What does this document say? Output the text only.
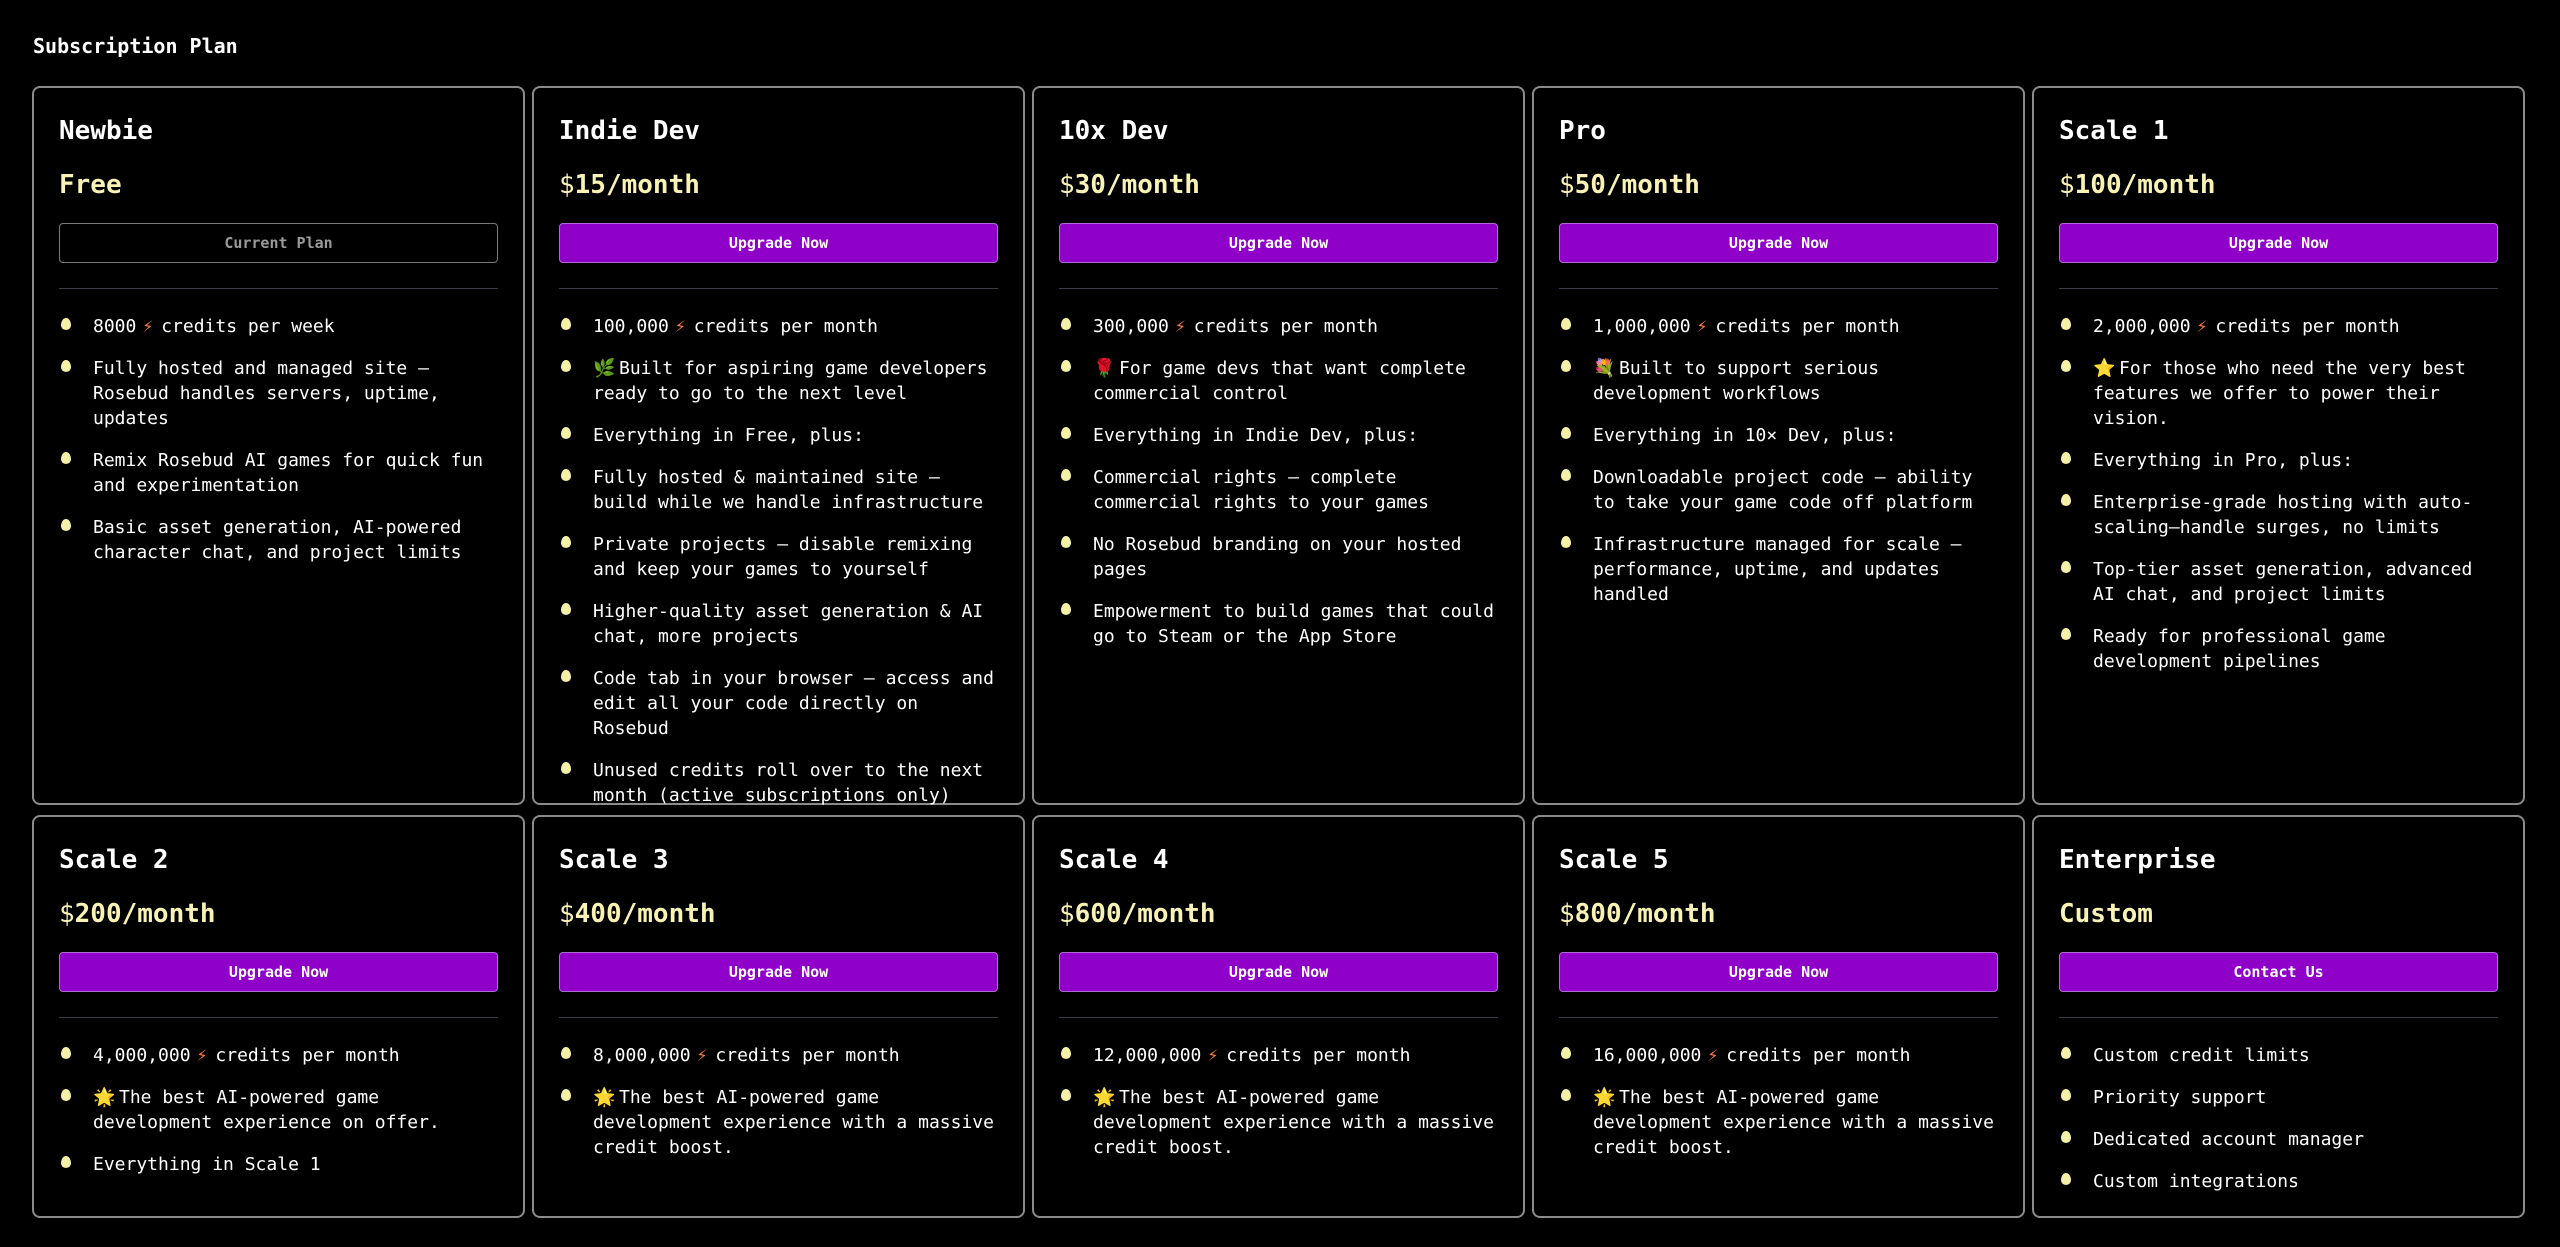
Subscription Plan
Newbie
Free
Current Plan
8000 ⚡ credits per week
Fully hosted and managed site — Rosebud handles servers, uptime, updates
Remix Rosebud AI games for quick fun and experimentation
Basic asset generation, AI-powered character chat, and project limits
Indie Dev
$15/month
Upgrade Now
100,000 ⚡ credits per month
🌿 Built for aspiring game developers ready to go to the next level
Everything in Free, plus:
Fully hosted & maintained site — build while we handle infrastructure
Private projects — disable remixing and keep your games to yourself
Higher-quality asset generation & AI chat, more projects
Code tab in your browser — access and edit all your code directly on Rosebud
Unused credits roll over to the next month (active subscriptions only)
10x Dev
$30/month
Upgrade Now
300,000 ⚡ credits per month
🌹 For game devs that want complete commercial control
Everything in Indie Dev, plus:
Commercial rights — complete commercial rights to your games
No Rosebud branding on your hosted pages
Empowerment to build games that could go to Steam or the App Store
Pro
$50/month
Upgrade Now
1,000,000 ⚡ credits per month
💐 Built to support serious development workflows
Everything in 10× Dev, plus:
Downloadable project code — ability to take your game code off platform
Infrastructure managed for scale — performance, uptime, and updates handled
Scale 1
$100/month
Upgrade Now
2,000,000 ⚡ credits per month
⭐ For those who need the very best features we offer to power their vision.
Everything in Pro, plus:
Enterprise-grade hosting with auto-scaling—handle surges, no limits
Top-tier asset generation, advanced AI chat, and project limits
Ready for professional game development pipelines
Scale 2
$200/month
Upgrade Now
4,000,000 ⚡ credits per month
🌟 The best AI-powered game development experience on offer.
Everything in Scale 1
Scale 3
$400/month
Upgrade Now
8,000,000 ⚡ credits per month
🌟 The best AI-powered game development experience with a massive credit boost.
Scale 4
$600/month
Upgrade Now
12,000,000 ⚡ credits per month
🌟 The best AI-powered game development experience with a massive credit boost.
Scale 5
$800/month
Upgrade Now
16,000,000 ⚡ credits per month
🌟 The best AI-powered game development experience with a massive credit boost.
Enterprise
Custom
Contact Us
Custom credit limits
Priority support
Dedicated account manager
Custom integrations
